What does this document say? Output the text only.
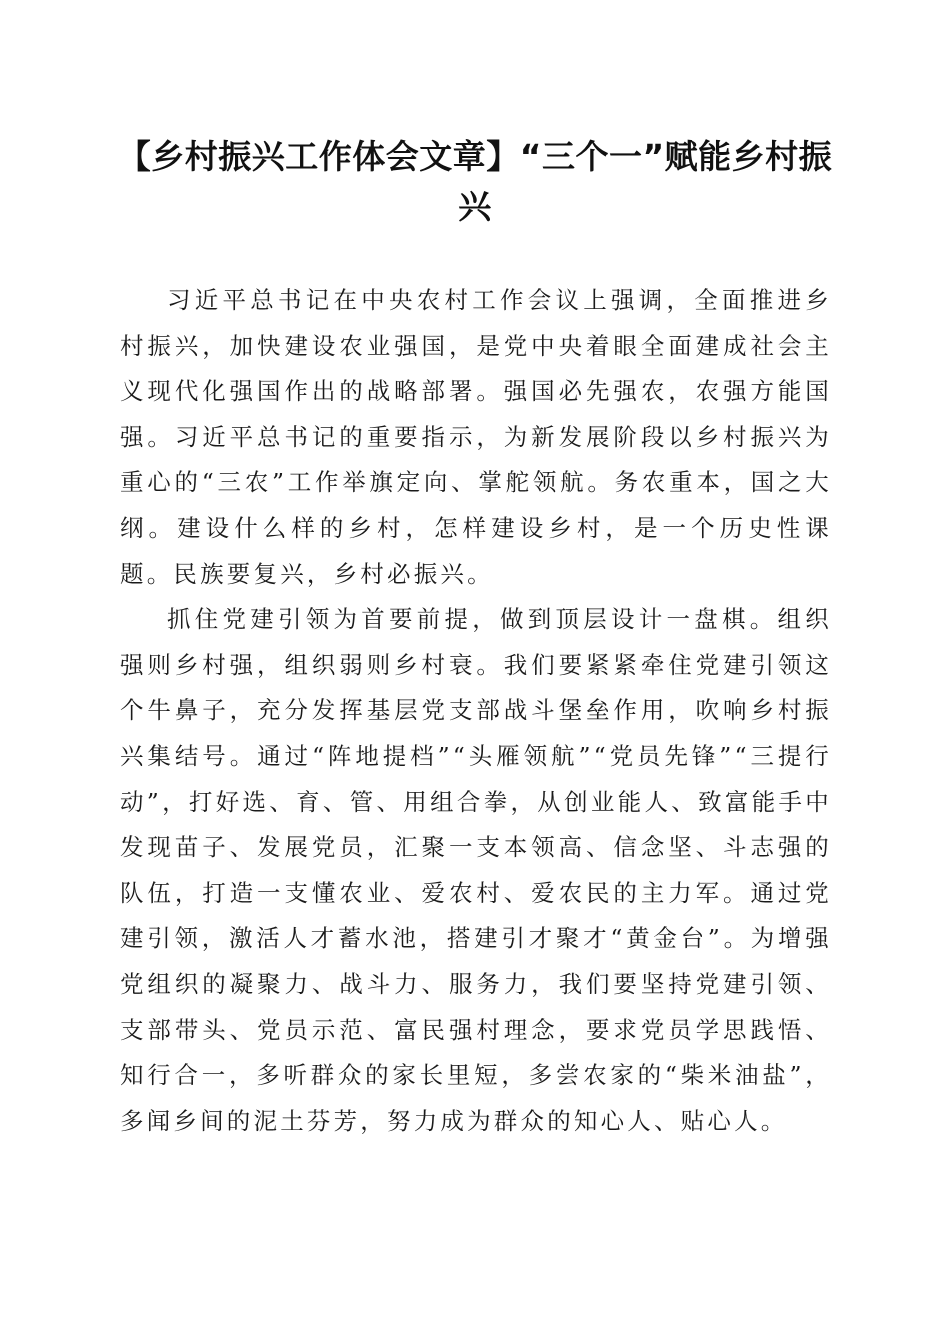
【乡村振兴工作体会文章】“三个一”赋能乡村振兴

习近平总书记在中央农村工作会议上强调，全面推进乡村振兴，加快建设农业强国，是党中央着眼全面建成社会主义现代化强国作出的战略部署。强国必先强农，农强方能国强。习近平总书记的重要指示，为新发展阶段以乡村振兴为重心的“三农”工作举旗定向、掌舵领航。务农重本，国之大纲。建设什么样的乡村，怎样建设乡村，是一个历史性课题。民族要复兴，乡村必振兴。

抓住党建引领为首要前提，做到顶层设计一盘棋。组织强则乡村强，组织弱则乡村衰。我们要紧紧牵住党建引领这个牛鼻子，充分发挥基层党支部战斗堡垒作用，吹响乡村振兴集结号。通过“阵地提档”“头雁领航”“党员先锋”“三提行动”，打好选、育、管、用组合拳，从创业能人、致富能手中发现苗子、发展党员，汇聚一支本领高、信念坚、斗志强的队伍，打造一支懂农业、爱农村、爱农民的主力军。通过党建引领，激活人才蓄水池，搭建引才聚才“黄金台”。为增强党组织的凝聚力、战斗力、服务力，我们要坚持党建引领、支部带头、党员示范、富民强村理念，要求党员学思践悟、知行合一，多听群众的家长里短，多尝农家的“柴米油盐”，多闻乡间的泥土芬芳，努力成为群众的知心人、贴心人。
